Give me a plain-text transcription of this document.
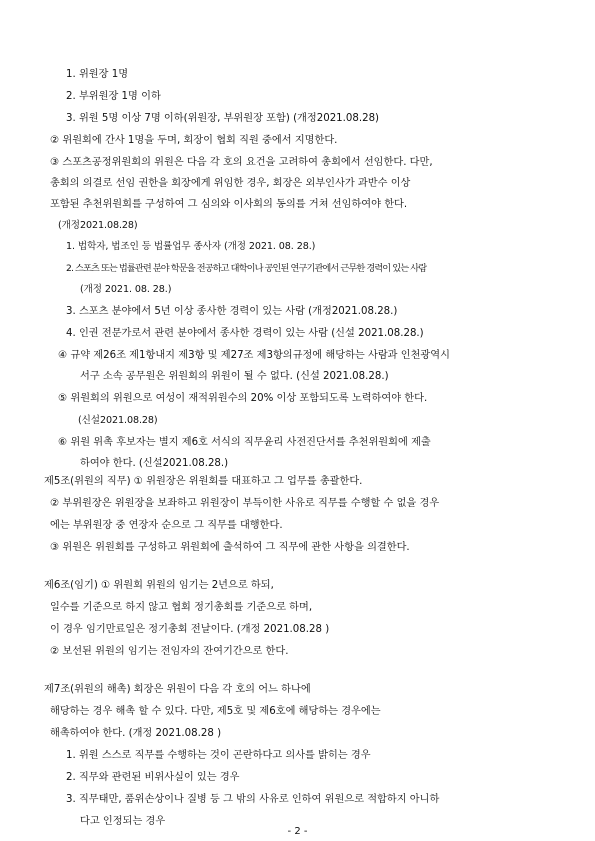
1. 위원장 1명
2. 부위원장 1명 이하
3. 위원 5명 이상 7명 이하(위원장, 부위원장 포함) (개정2021.08.28)
② 위원회에 간사 1명을 두며, 회장이 협회 직원 중에서 지명한다.
③ 스포츠공정위원회의 위원은 다음 각 호의 요건을 고려하여 총회에서 선임한다. 다만,
총회의 의결로 선임 권한을 회장에게 위임한 경우, 회장은 외부인사가 과반수 이상
포함된 추천위원회를 구성하여 그 심의와 이사회의 동의를 거쳐 선임하여야 한다.
(개정2021.08.28)
1. 법학자, 법조인 등 법률업무 종사자 (개정 2021. 08. 28.)
2. 스포츠 또는 법률관련 분야 학문을 전공하고 대학이나 공인된 연구기관에서 근무한 경력이 있는 사람
(개정 2021. 08. 28.)
3. 스포츠 분야에서 5년 이상 종사한 경력이 있는 사람 (개정2021.08.28.)
4. 인권 전문가로서 관련 분야에서 종사한 경력이 있는 사람 (신설 2021.08.28.)
④ 규약 제26조 제1항내지 제3항 및 제27조 제3항의규정에 해당하는 사람과 인천광역시
서구 소속 공무원은 위원회의 위원이 될 수 없다. (신설 2021.08.28.)
⑤ 위원회의 위원으로 여성이 재적위원수의 20% 이상 포함되도록 노력하여야 한다.
(신설2021.08.28)
⑥ 위원 위촉 후보자는 별지 제6호 서식의 직무윤리 사전진단서를 추천위원회에 제출
하여야 한다. (신설2021.08.28.)
제5조(위원의 직무) ① 위원장은 위원회를 대표하고 그 업무를 총괄한다.
② 부위원장은 위원장을 보좌하고 위원장이 부득이한 사유로 직무를 수행할 수 없을 경우
에는 부위원장 중 연장자 순으로 그 직무를 대행한다.
③ 위원은 위원회를 구성하고 위원회에 출석하여 그 직무에 관한 사항을 의결한다.
제6조(임기) ① 위원회 위원의 임기는 2년으로 하되,
일수를 기준으로 하지 않고 협회 정기총회를 기준으로 하며,
이 경우 임기만료일은 정기총회 전날이다. (개정 2021.08.28 )
② 보선된 위원의 임기는 전임자의 잔여기간으로 한다.
제7조(위원의 해촉) 회장은 위원이 다음 각 호의 어느 하나에
해당하는 경우 해촉 할 수 있다. 다만, 제5호 및 제6호에 해당하는 경우에는
해촉하여야 한다. (개정 2021.08.28 )
1. 위원 스스로 직무를 수행하는 것이 곤란하다고 의사를 밝히는 경우
2. 직무와 관련된 비위사실이 있는 경우
3. 직무태만, 품위손상이나 질병 등 그 밖의 사유로 인하여 위원으로 적합하지 아니하
다고 인정되는 경우
- 2 -
